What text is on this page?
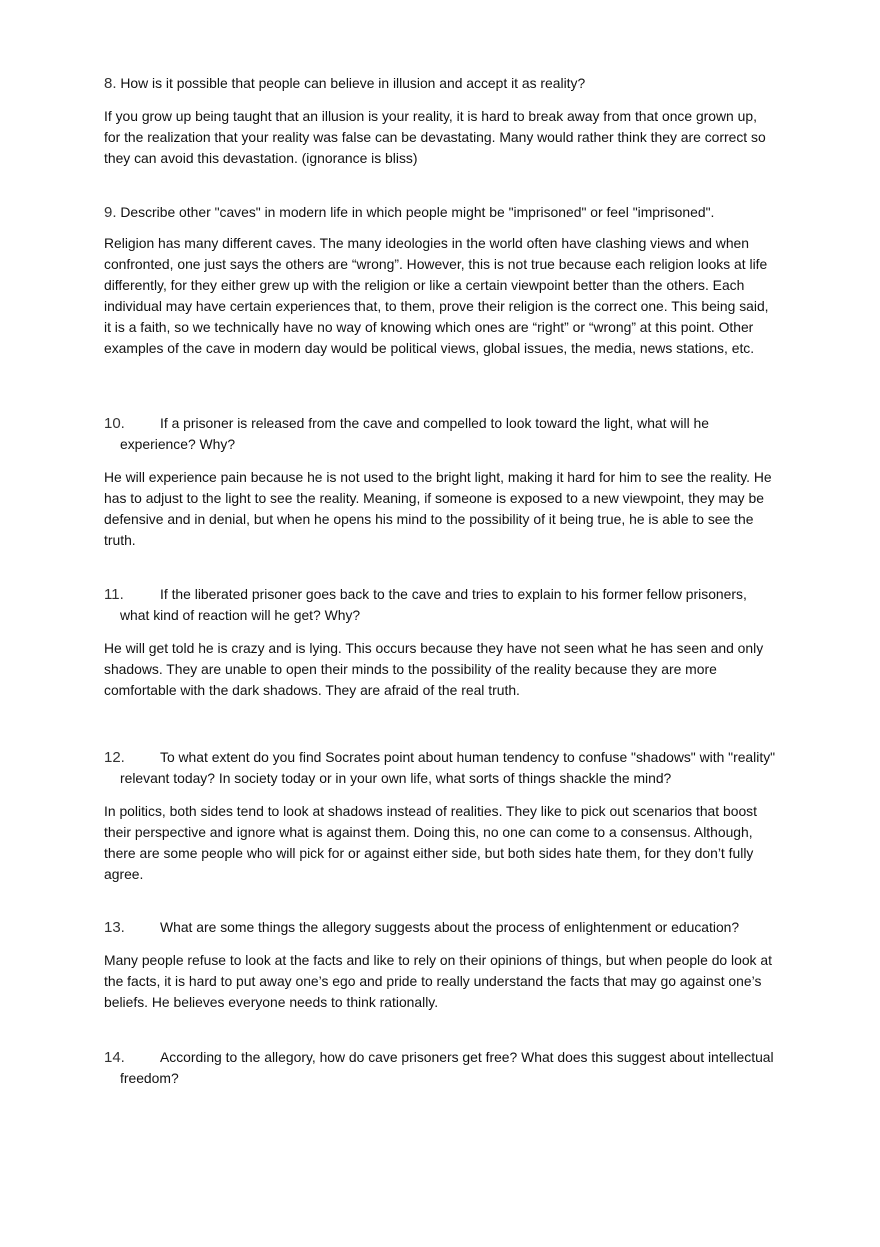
8. How is it possible that people can believe in illusion and accept it as reality?

If you grow up being taught that an illusion is your reality, it is hard to break away from that once grown up, for the realization that your reality was false can be devastating. Many would rather think they are correct so they can avoid this devastation. (ignorance is bliss)

9. Describe other "caves" in modern life in which people might be "imprisoned" or feel "imprisoned".

Religion has many different caves. The many ideologies in the world often have clashing views and when confronted, one just says the others are “wrong”. However, this is not true because each religion looks at life differently, for they either grew up with the religion or like a certain viewpoint better than the others. Each individual may have certain experiences that, to them, prove their religion is the correct one. This being said, it is a faith, so we technically have no way of knowing which ones are “right” or “wrong” at this point. Other examples of the cave in modern day would be political views, global issues, the media, news stations, etc.

10.	If a prisoner is released from the cave and compelled to look toward the light, what will he experience? Why?

He will experience pain because he is not used to the bright light, making it hard for him to see the reality. He has to adjust to the light to see the reality. Meaning, if someone is exposed to a new viewpoint, they may be defensive and in denial, but when he opens his mind to the possibility of it being true, he is able to see the truth.

11.	If the liberated prisoner goes back to the cave and tries to explain to his former fellow prisoners, what kind of reaction will he get? Why?

He will get told he is crazy and is lying. This occurs because they have not seen what he has seen and only shadows. They are unable to open their minds to the possibility of the reality because they are more comfortable with the dark shadows. They are afraid of the real truth.

12.	To what extent do you find Socrates point about human tendency to confuse "shadows" with "reality" relevant today? In society today or in your own life, what sorts of things shackle the mind?

In politics, both sides tend to look at shadows instead of realities. They like to pick out scenarios that boost their perspective and ignore what is against them. Doing this, no one can come to a consensus. Although, there are some people who will pick for or against either side, but both sides hate them, for they don’t fully agree.

13.	What are some things the allegory suggests about the process of enlightenment or education?

Many people refuse to look at the facts and like to rely on their opinions of things, but when people do look at the facts, it is hard to put away one’s ego and pride to really understand the facts that may go against one’s beliefs. He believes everyone needs to think rationally.

14.	According to the allegory, how do cave prisoners get free? What does this suggest about intellectual freedom?
